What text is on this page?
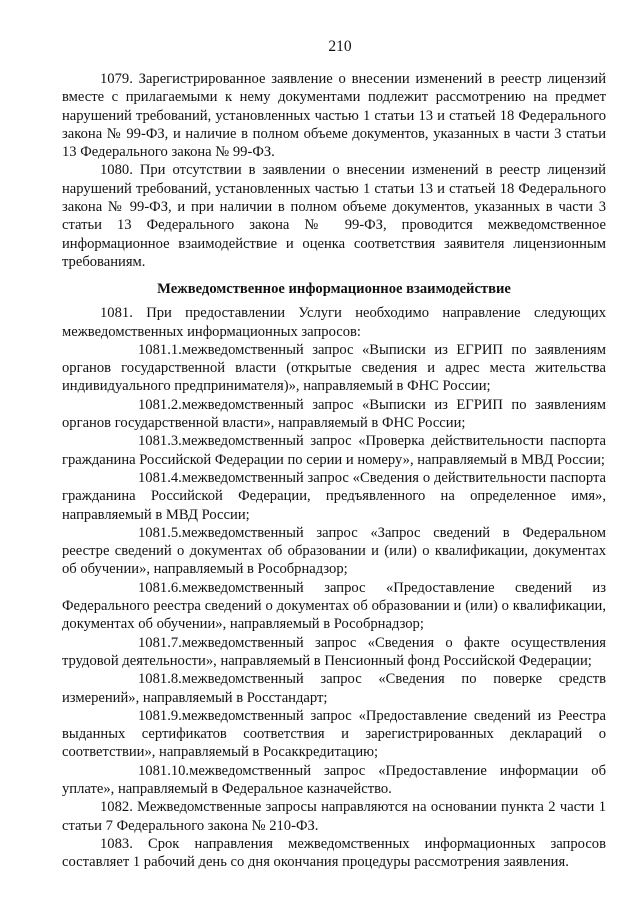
210

1079. Зарегистрированное заявление о внесении изменений в реестр лицензий вместе с прилагаемыми к нему документами подлежит рассмотрению на предмет нарушений требований, установленных частью 1 статьи 13 и статьей 18 Федерального закона № 99-ФЗ, и наличие в полном объеме документов, указанных в части 3 статьи 13 Федерального закона № 99-ФЗ.

1080. При отсутствии в заявлении о внесении изменений в реестр лицензий нарушений требований, установленных частью 1 статьи 13 и статьей 18 Федерального закона № 99-ФЗ, и при наличии в полном объеме документов, указанных в части 3 статьи 13 Федерального закона № 99-ФЗ, проводится межведомственное информационное взаимодействие и оценка соответствия заявителя лицензионным требованиям.

Межведомственное информационное взаимодействие

1081. При предоставлении Услуги необходимо направление следующих межведомственных информационных запросов:

1081.1.межведомственный запрос «Выписки из ЕГРИП по заявлениям органов государственной власти (открытые сведения и адрес места жительства индивидуального предпринимателя)», направляемый в ФНС России;

1081.2.межведомственный запрос «Выписки из ЕГРИП по заявлениям органов государственной власти», направляемый в ФНС России;

1081.3.межведомственный запрос «Проверка действительности паспорта гражданина Российской Федерации по серии и номеру», направляемый в МВД России;

1081.4.межведомственный запрос «Сведения о действительности паспорта гражданина Российской Федерации, предъявленного на определенное имя», направляемый в МВД России;

1081.5.межведомственный запрос «Запрос сведений в Федеральном реестре сведений о документах об образовании и (или) о квалификации, документах об обучении», направляемый в Рособрнадзор;

1081.6.межведомственный запрос «Предоставление сведений из Федерального реестра сведений о документах об образовании и (или) о квалификации, документах об обучении», направляемый в Рособрнадзор;

1081.7.межведомственный запрос «Сведения о факте осуществления трудовой деятельности», направляемый в Пенсионный фонд Российской Федерации;

1081.8.межведомственный запрос «Сведения по поверке средств измерений», направляемый в Росстандарт;

1081.9.межведомственный запрос «Предоставление сведений из Реестра выданных сертификатов соответствия и зарегистрированных деклараций о соответствии», направляемый в Росаккредитацию;

1081.10.межведомственный запрос «Предоставление информации об уплате», направляемый в Федеральное казначейство.

1082. Межведомственные запросы направляются на основании пункта 2 части 1 статьи 7 Федерального закона № 210-ФЗ.

1083. Срок направления межведомственных информационных запросов составляет 1 рабочий день со дня окончания процедуры рассмотрения заявления.
